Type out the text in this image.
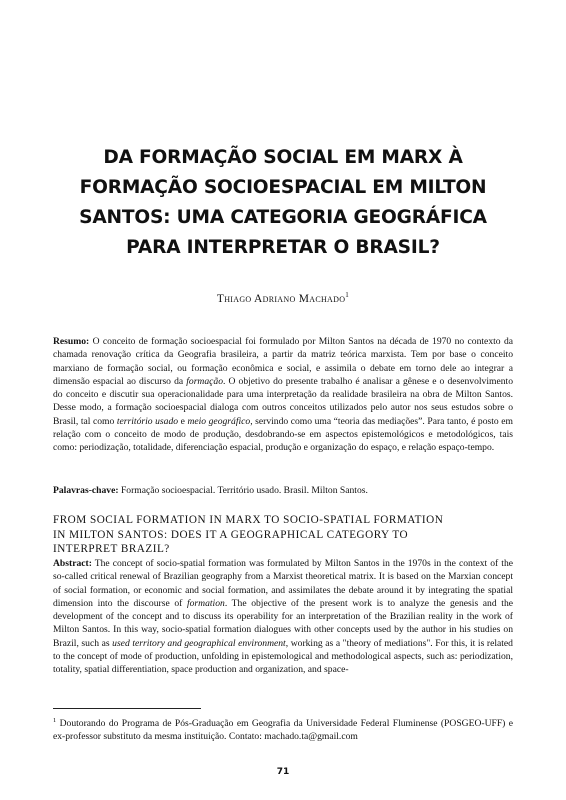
DA FORMAÇÃO SOCIAL EM MARX À
FORMAÇÃO SOCIOESPACIAL EM MILTON
SANTOS: UMA CATEGORIA GEOGRÁFICA
PARA INTERPRETAR O BRASIL?
Thiago Adriano Machado$^1$
Resumo: O conceito de formação socioespacial foi formulado por Milton Santos na década de 1970 no contexto da chamada renovação crítica da Geografia brasileira, a partir da matriz teórica marxista. Tem por base o conceito marxiano de formação social, ou formação econômica e social, e assimila o debate em torno dele ao integrar a dimensão espacial ao discurso da formação. O objetivo do presente trabalho é analisar a gênese e o desenvolvimento do conceito e discutir sua operacionalidade para uma interpretação da realidade brasileira na obra de Milton Santos. Desse modo, a formação socioespacial dialoga com outros conceitos utilizados pelo autor nos seus estudos sobre o Brasil, tal como território usado e meio geográfico, servindo como uma “teoria das mediações”. Para tanto, é posto em relação com o conceito de modo de produção, desdobrando-se em aspectos epistemológicos e metodológicos, tais como: periodização, totalidade, diferenciação espacial, produção e organização do espaço, e relação espaço-tempo.
Palavras-chave: Formação socioespacial. Território usado. Brasil. Milton Santos.
FROM SOCIAL FORMATION IN MARX TO SOCIO-SPATIAL FORMATION
IN MILTON SANTOS: DOES IT A GEOGRAPHICAL CATEGORY TO
INTERPRET BRAZIL?
Abstract: The concept of socio-spatial formation was formulated by Milton Santos in the 1970s in the context of the so-called critical renewal of Brazilian geography from a Marxist theoretical matrix. It is based on the Marxian concept of social formation, or economic and social formation, and assimilates the debate around it by integrating the spatial dimension into the discourse of formation. The objective of the present work is to analyze the genesis and the development of the concept and to discuss its operability for an interpretation of the Brazilian reality in the work of Milton Santos. In this way, socio-spatial formation dialogues with other concepts used by the author in his studies on Brazil, such as used territory and geographical environment, working as a "theory of mediations". For this, it is related to the concept of mode of production, unfolding in epistemological and methodological aspects, such as: periodization, totality, spatial differentiation, space production and organization, and space-
$^1$ Doutorando do Programa de Pós-Graduação em Geografia da Universidade Federal Fluminense (POSGEO-UFF) e ex-professor substituto da mesma instituição. Contato: machado.ta@gmail.com
71
